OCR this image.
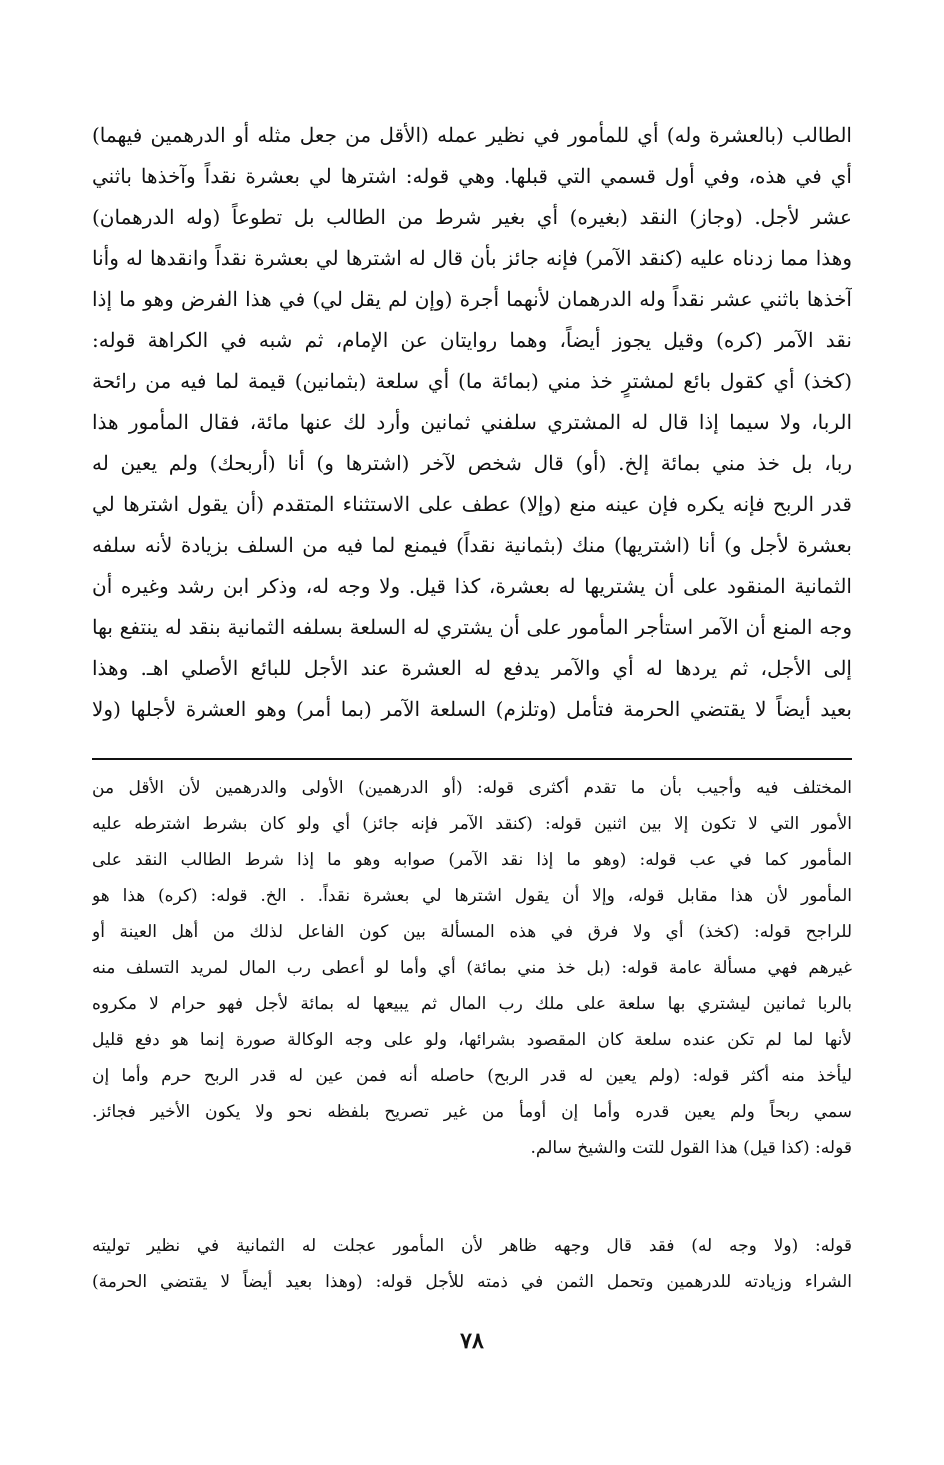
الطالب (بالعشرة وله) أي للمأمور في نظير عمله (الأقل من جعل مثله أو الدرهمين فيهما)
أي في هذه، وفي أول قسمي التي قبلها. وهي قوله: اشترها لي بعشرة نقداً وآخذها باثني
عشر لأجل. (وجاز) النقد (بغيره) أي بغير شرط من الطالب بل تطوعاً (وله الدرهمان)
وهذا مما زدناه عليه (كنقد الآمر) فإنه جائز بأن قال له اشترها لي بعشرة نقداً وانقدها له وأنا
آخذها باثني عشر نقداً وله الدرهمان لأنهما أجرة (وإن لم يقل لي) في هذا الفرض وهو ما إذا
نقد الآمر (كره) وقيل يجوز أيضاً، وهما روايتان عن الإمام، ثم شبه في الكراهة قوله:
(كخذ) أي كقول بائع لمشترٍ خذ مني (بمائة ما) أي سلعة (بثمانين) قيمة لما فيه من رائحة
الربا، ولا سيما إذا قال له المشتري سلفني ثمانين وأرد لك عنها مائة، فقال المأمور هذا
ربا، بل خذ مني بمائة إلخ. (أو) قال شخص لآخر (اشترها و) أنا (أربحك) ولم يعين له
قدر الربح فإنه يكره فإن عينه منع (وإلا) عطف على الاستثناء المتقدم (أن يقول اشترها لي
بعشرة لأجل و) أنا (اشتريها) منك (بثمانية نقداً) فيمنع لما فيه من السلف بزيادة لأنه سلفه
الثمانية المنقود على أن يشتريها له بعشرة، كذا قيل. ولا وجه له، وذكر ابن رشد وغيره أن
وجه المنع أن الآمر استأجر المأمور على أن يشتري له السلعة بسلفه الثمانية بنقد له ينتفع بها
إلى الأجل، ثم يردها له أي والآمر يدفع له العشرة عند الأجل للبائع الأصلي اهـ. وهذا
بعيد أيضاً لا يقتضي الحرمة فتأمل (وتلزم) السلعة الآمر (بما أمر) وهو العشرة لأجلها (ولا
المختلف فيه وأجيب بأن ما تقدم أكثرى قوله: (أو الدرهمين) الأولى والدرهمين لأن الأقل من
الأمور التي لا تكون إلا بين اثنين قوله: (كنقد الآمر فإنه جائز) أي ولو كان بشرط اشترطه عليه
المأمور كما في عب قوله: (وهو ما إذا نقد الآمر) صوابه وهو ما إذا شرط الطالب النقد على
المأمور لأن هذا مقابل قوله، وإلا أن يقول اشترها لي بعشرة نقداً. . الخ. قوله: (كره) هذا هو
للراجح قوله: (كخذ) أي ولا فرق في هذه المسألة بين كون الفاعل لذلك من أهل العينة أو
غيرهم فهي مسألة عامة قوله: (بل خذ مني بمائة) أي وأما لو أعطى رب المال لمريد التسلف منه
بالربا ثمانين ليشتري بها سلعة على ملك رب المال ثم يبيعها له بمائة لأجل فهو حرام لا مكروه
لأنها لما لم تكن عنده سلعة كان المقصود بشرائها، ولو على وجه الوكالة صورة إنما هو دفع قليل
ليأخذ منه أكثر قوله: (ولم يعين له قدر الربح) حاصله أنه فمن عين له قدر الربح حرم وأما إن
سمي ربحاً ولم يعين قدره وأما إن أومأ من غير تصريح بلفظه نحو ولا يكون الأخير فجائز.
قوله: (كذا قيل) هذا القول للتت والشيخ سالم.
قوله: (ولا وجه له) فقد قال وجهه ظاهر لأن المأمور عجلت له الثمانية في نظير توليته
الشراء وزيادته للدرهمين وتحمل الثمن في ذمته للأجل قوله: (وهذا بعيد أيضاً لا يقتضي الحرمة)
٧٨
